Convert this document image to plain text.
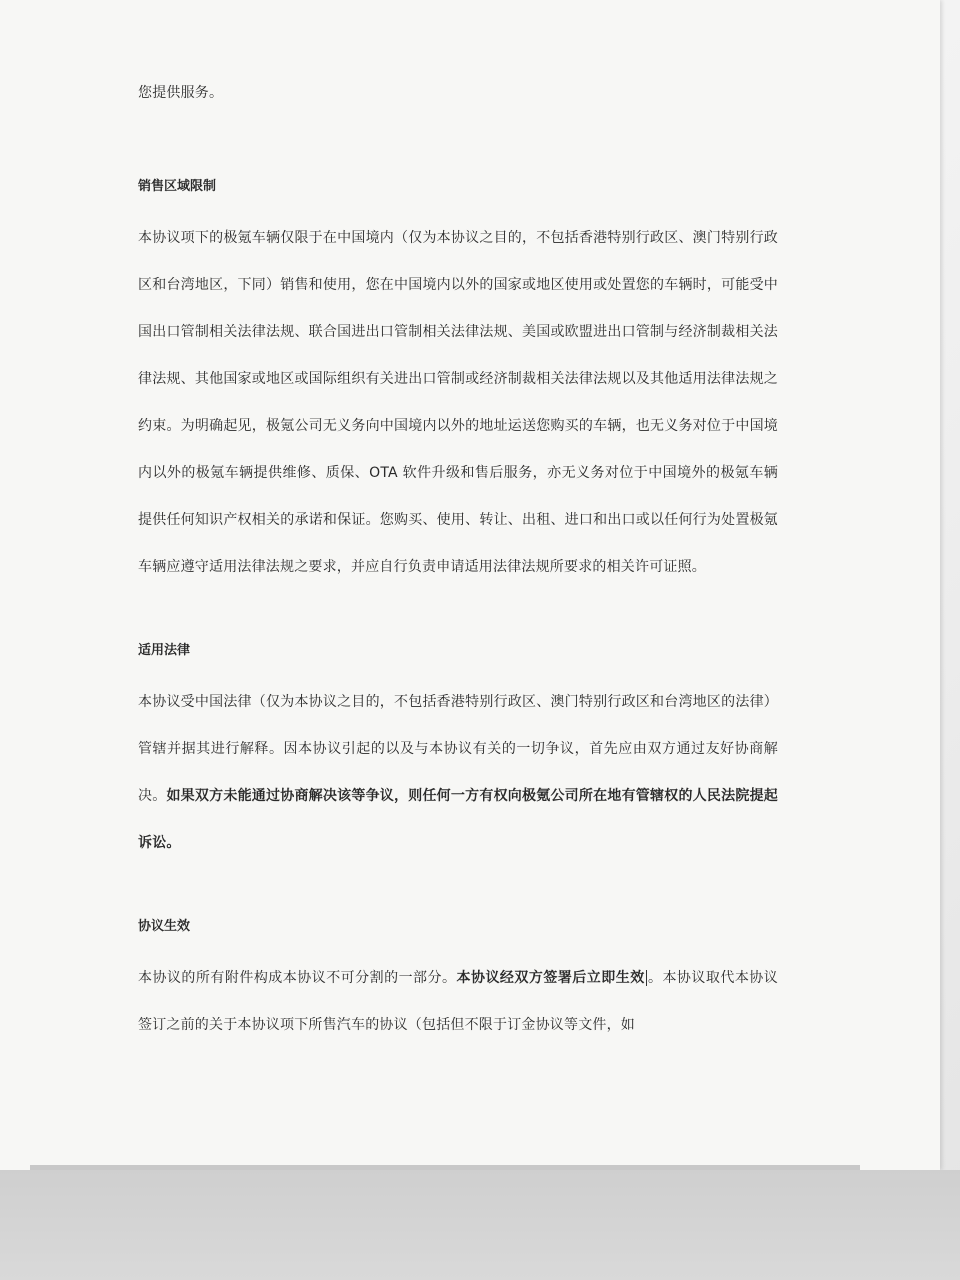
您提供服务。

销售区域限制

本协议项下的极氪车辆仅限于在中国境内（仅为本协议之目的，不包括香港特别行政区、澳门特别行政区和台湾地区，下同）销售和使用，您在中国境内以外的国家或地区使用或处置您的车辆时，可能受中国出口管制相关法律法规、联合国进出口管制相关法律法规、美国或欧盟进出口管制与经济制裁相关法律法规、其他国家或地区或国际组织有关进出口管制或经济制裁相关法律法规以及其他适用法律法规之约束。为明确起见，极氪公司无义务向中国境内以外的地址运送您购买的车辆，也无义务对位于中国境内以外的极氪车辆提供维修、质保、OTA 软件升级和售后服务，亦无义务对位于中国境外的极氪车辆提供任何知识产权相关的承诺和保证。您购买、使用、转让、出租、进口和出口或以任何行为处置极氪车辆应遵守适用法律法规之要求，并应自行负责申请适用法律法规所要求的相关许可证照。

适用法律

本协议受中国法律（仅为本协议之目的，不包括香港特别行政区、澳门特别行政区和台湾地区的法律）管辖并据其进行解释。因本协议引起的以及与本协议有关的一切争议，首先应由双方通过友好协商解决。如果双方未能通过协商解决该等争议，则任何一方有权向极氪公司所在地有管辖权的人民法院提起诉讼。

协议生效

本协议的所有附件构成本协议不可分割的一部分。本协议经双方签署后立即生效 。本协议取代本协议签订之前的关于本协议项下所售汽车的协议（包括但不限于订金协议等文件，如
